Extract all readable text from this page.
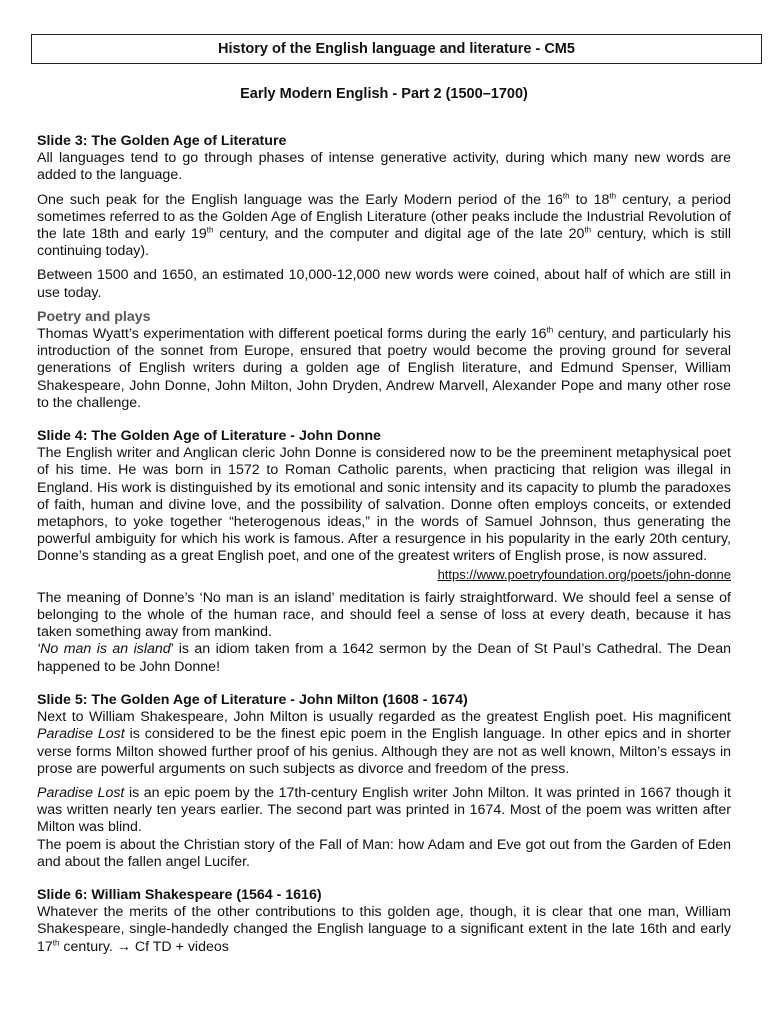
History of the English language and literature - CM5
Early Modern English - Part 2 (1500–1700)

Slide 3: The Golden Age of Literature

All languages tend to go through phases of intense generative activity, during which many new words are added to the language.

One such peak for the English language was the Early Modern period of the 16th to 18th century, a period sometimes referred to as the Golden Age of English Literature (other peaks include the Industrial Revolution of the late 18th and early 19th century, and the computer and digital age of the late 20th century, which is still continuing today).

Between 1500 and 1650, an estimated 10,000-12,000 new words were coined, about half of which are still in use today.

Poetry and plays

Thomas Wyatt’s experimentation with different poetical forms during the early 16th century, and particularly his introduction of the sonnet from Europe, ensured that poetry would become the proving ground for several generations of English writers during a golden age of English literature, and Edmund Spenser, William Shakespeare, John Donne, John Milton, John Dryden, Andrew Marvell, Alexander Pope and many other rose to the challenge.

Slide 4: The Golden Age of Literature - John Donne

The English writer and Anglican cleric John Donne is considered now to be the preeminent metaphysical poet of his time. He was born in 1572 to Roman Catholic parents, when practicing that religion was illegal in England. His work is distinguished by its emotional and sonic intensity and its capacity to plumb the paradoxes of faith, human and divine love, and the possibility of salvation. Donne often employs conceits, or extended metaphors, to yoke together “heterogenous ideas,” in the words of Samuel Johnson, thus generating the powerful ambiguity for which his work is famous. After a resurgence in his popularity in the early 20th century, Donne’s standing as a great English poet, and one of the greatest writers of English prose, is now assured.

https://www.poetryfoundation.org/poets/john-donne

The meaning of Donne’s ‘No man is an island’ meditation is fairly straightforward. We should feel a sense of belonging to the whole of the human race, and should feel a sense of loss at every death, because it has taken something away from mankind.

‘No man is an island’ is an idiom taken from a 1642 sermon by the Dean of St Paul’s Cathedral. The Dean happened to be John Donne!

Slide 5: The Golden Age of Literature - John Milton (1608 - 1674)

Next to William Shakespeare, John Milton is usually regarded as the greatest English poet. His magnificent Paradise Lost is considered to be the finest epic poem in the English language. In other epics and in shorter verse forms Milton showed further proof of his genius. Although they are not as well known, Milton’s essays in prose are powerful arguments on such subjects as divorce and freedom of the press.

Paradise Lost is an epic poem by the 17th-century English writer John Milton. It was printed in 1667 though it was written nearly ten years earlier. The second part was printed in 1674. Most of the poem was written after Milton was blind.

The poem is about the Christian story of the Fall of Man: how Adam and Eve got out from the Garden of Eden and about the fallen angel Lucifer.

Slide 6: William Shakespeare (1564 - 1616)

Whatever the merits of the other contributions to this golden age, though, it is clear that one man, William Shakespeare, single-handedly changed the English language to a significant extent in the late 16th and early 17th century. → Cf TD + videos
